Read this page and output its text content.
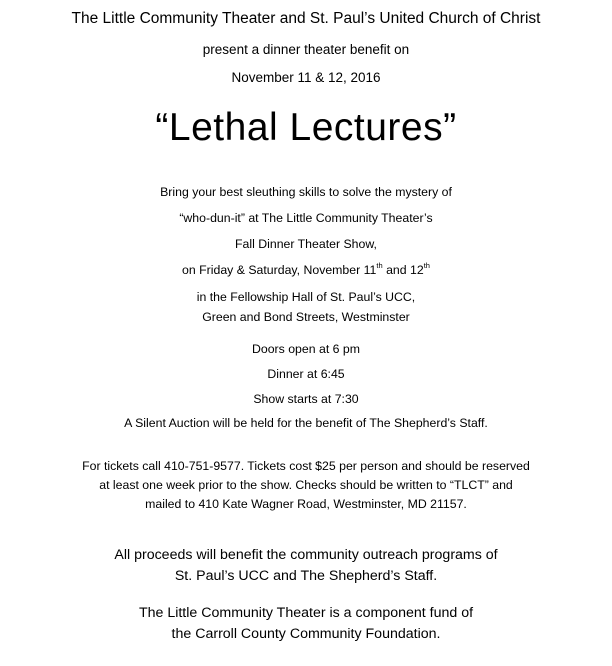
The Little Community Theater and St. Paul’s United Church of Christ
present a dinner theater benefit on
November 11 & 12, 2016
“Lethal Lectures”
Bring your best sleuthing skills to solve the mystery of
“who-dun-it” at The Little Community Theater’s
Fall Dinner Theater Show,
on Friday & Saturday, November 11th and 12th
in the Fellowship Hall of St. Paul’s UCC,
Green and Bond Streets, Westminster
Doors open at 6 pm
Dinner at 6:45
Show starts at 7:30
A Silent Auction will be held for the benefit of The Shepherd’s Staff.
For tickets call 410-751-9577. Tickets cost $25 per person and should be reserved
at least one week prior to the show. Checks should be written to “TLCT” and
mailed to 410 Kate Wagner Road, Westminster, MD 21157.
All proceeds will benefit the community outreach programs of
St. Paul’s UCC and The Shepherd’s Staff.
The Little Community Theater is a component fund of
the Carroll County Community Foundation.
